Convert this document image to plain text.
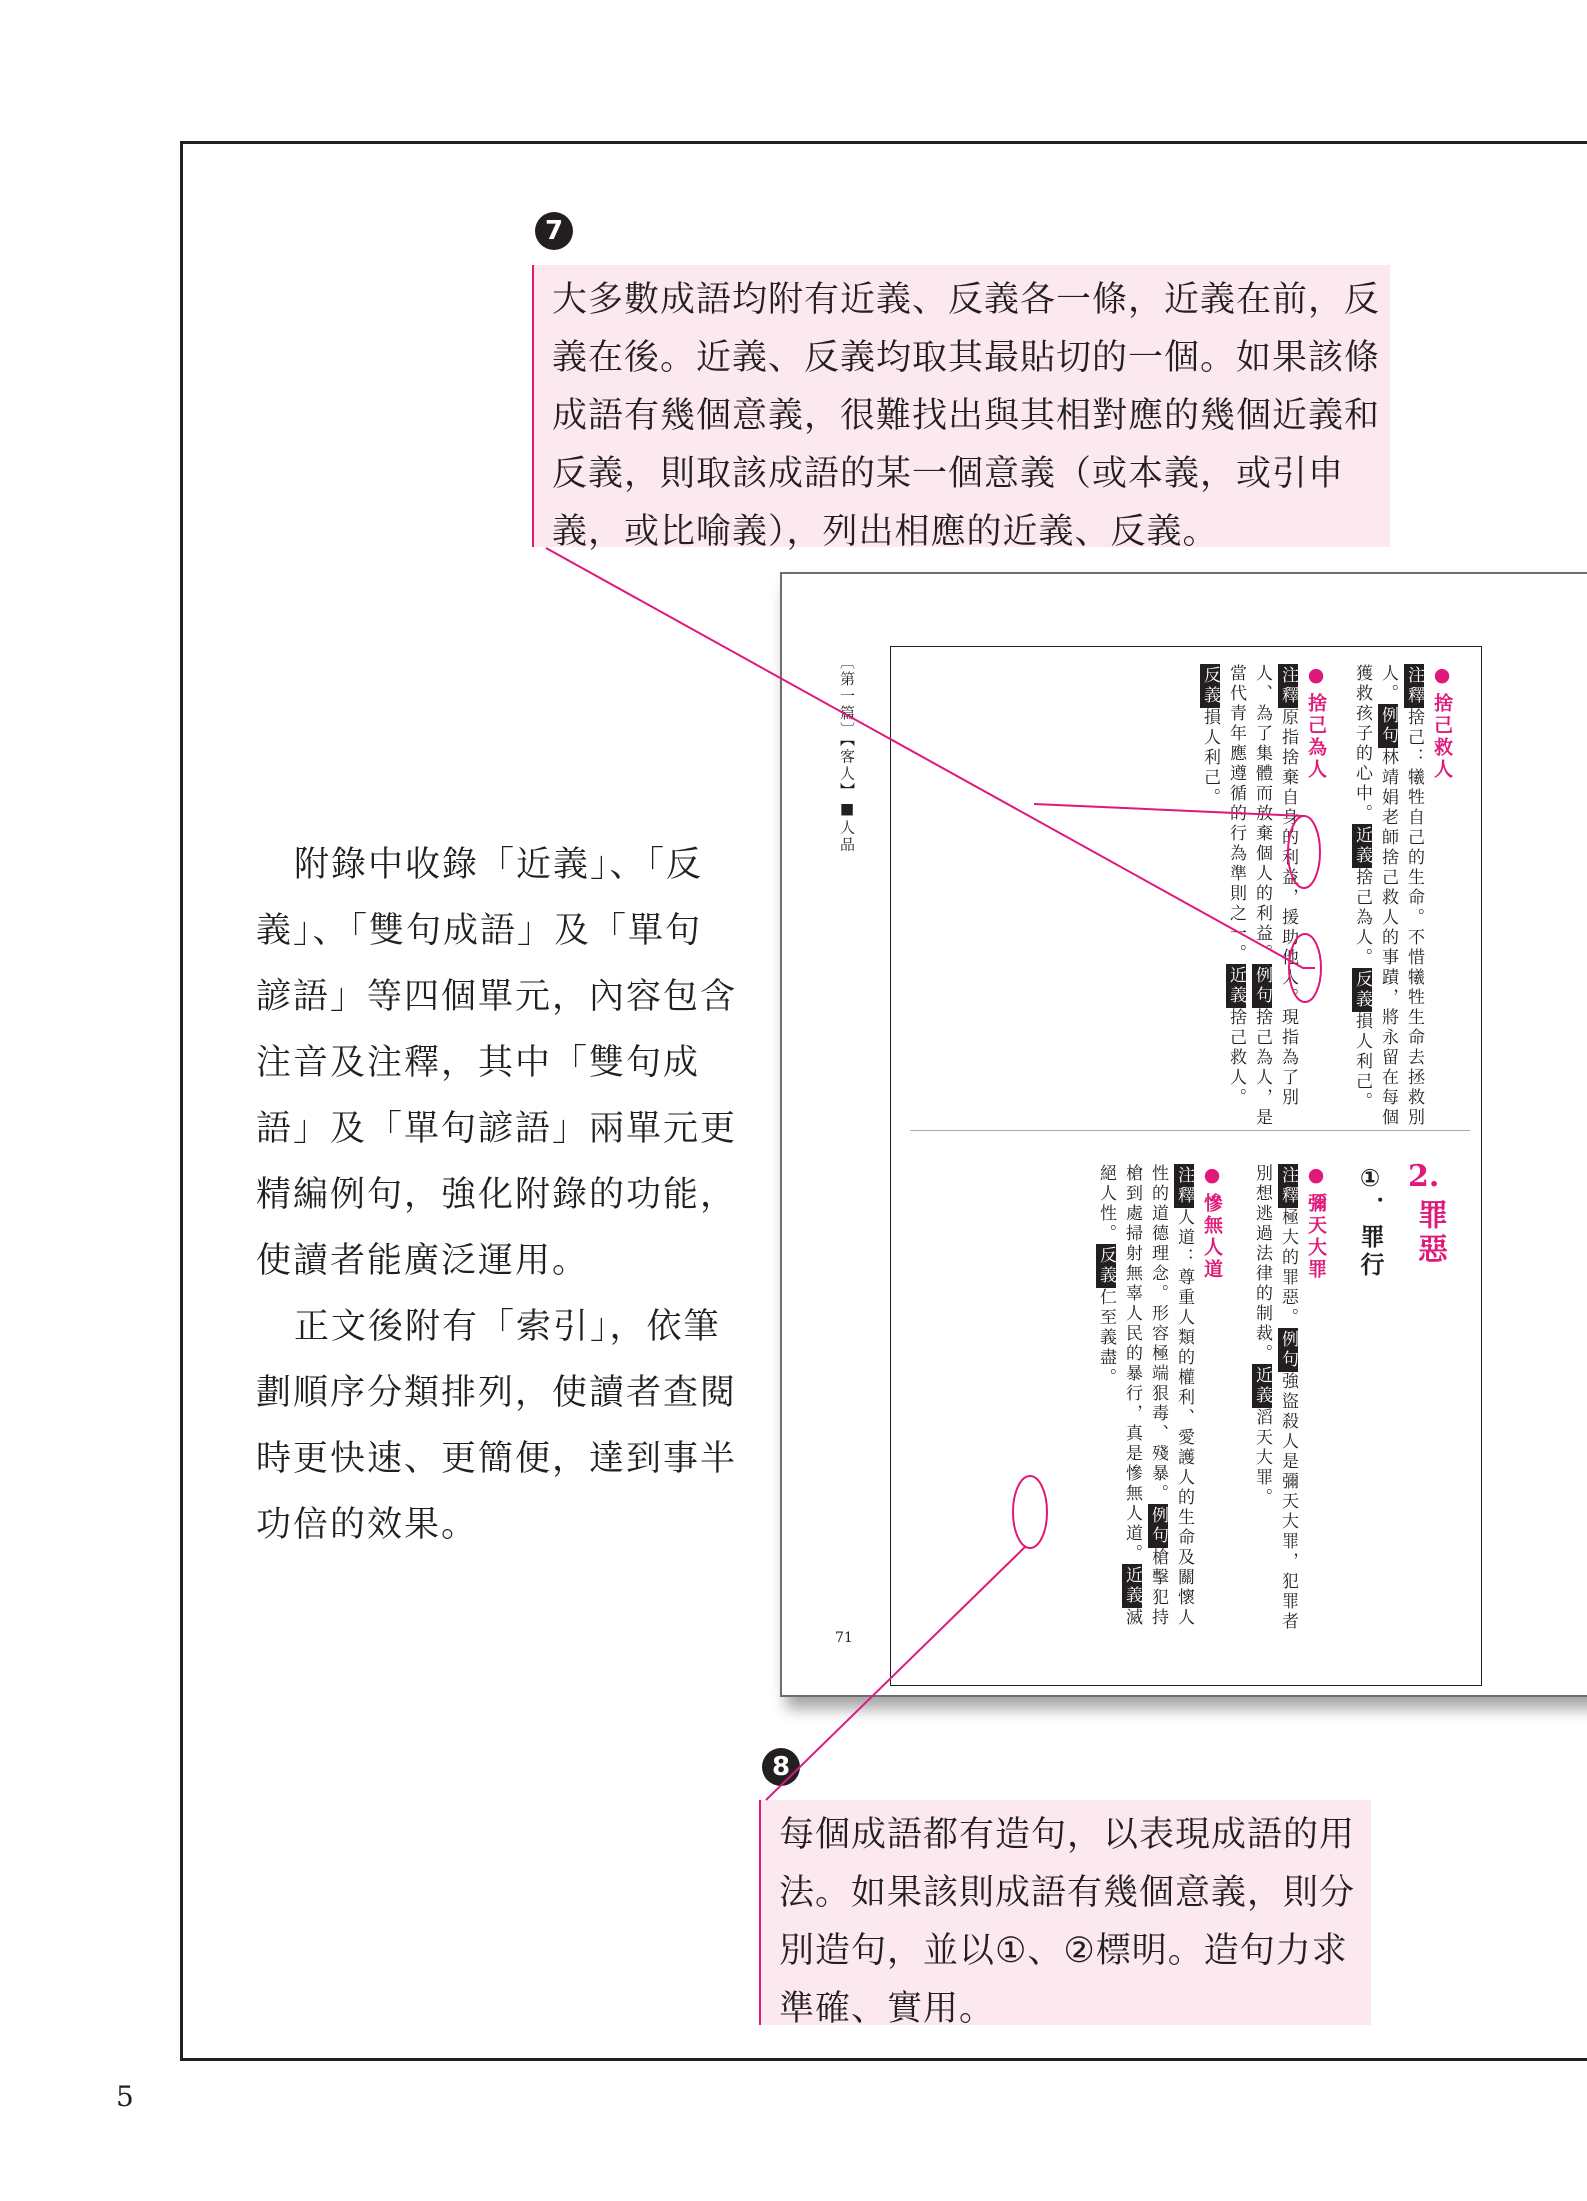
7
大多數成語均附有近義、反義各一條，近義在前，反
義在後。近義、反義均取其最貼切的一個。如果該條
成語有幾個意義，很難找出與其相對應的幾個近義和
反義，則取該成語的某一個意義（或本義，或引申
義，或比喻義），列出相應的近義、反義。

附錄中收錄「近義」、「反
義」、「雙句成語」及「單句
諺語」等四個單元，內容包含
注音及注釋，其中「雙句成
語」及「單句諺語」兩單元更
精編例句，強化附錄的功能，
使讀者能廣泛運用。

正文後附有「索引」，依筆
劃順序分類排列，使讀者查閱
時更快速、更簡便，達到事半
功倍的效果。

〔第一篇〕【客人】■人品
71
● 捨己救人
注釋捨己：犧牲自己的生命。不惜犧牲生命去拯救別
人。例句林靖娟老師捨己救人的事蹟，將永留在每個
獲救孩子的心中。近義捨己為人。反義損人利己。
● 捨己為人
注釋原指捨棄自身的利益，援助他人。現指為了別
人、為了集體而放棄個人的利益。例句捨己為人，是
當代青年應遵循的行為準則之一。近義捨己救人。
反義損人利己。
2.
罪惡
①．罪行
● 彌天大罪
注釋極大的罪惡。例句強盜殺人是彌天大罪，犯罪者
別想逃過法律的制裁。近義滔天大罪。
● 慘無人道
注釋人道：尊重人類的權利、愛護人的生命及關懷人
性的道德理念。形容極端狠毒、殘暴。例句槍擊犯持
槍到處掃射無辜人民的暴行，真是慘無人道。近義滅
絕人性。反義仁至義盡。
8
每個成語都有造句，以表現成語的用
法。如果該則成語有幾個意義，則分
別造句，並以①、②標明。造句力求
準確、實用。
5
